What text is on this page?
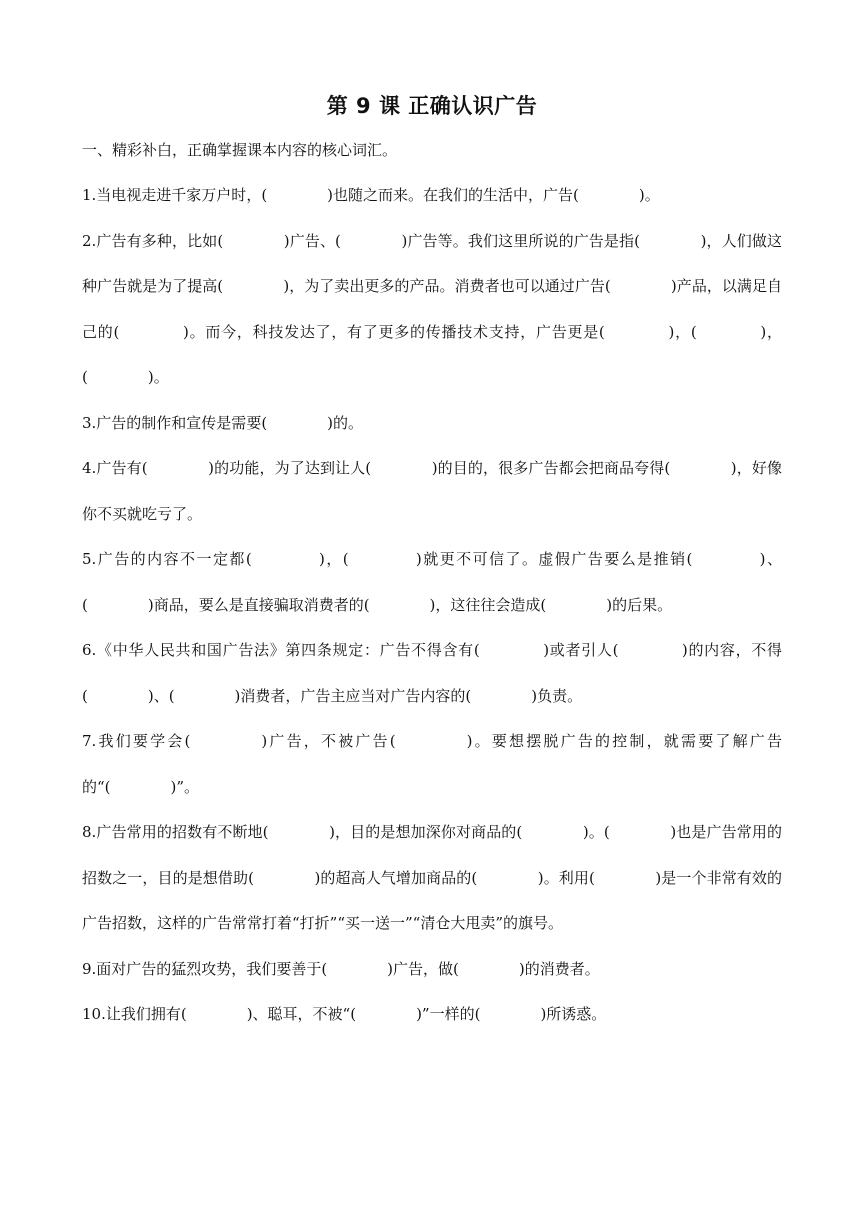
第 9 课 正确认识广告
一、精彩补白，正确掌握课本内容的核心词汇。
1.当电视走进千家万户时，(　　　　)也随之而来。在我们的生活中，广告(　　　　)。
2.广告有多种，比如(　　　　)广告、(　　　　)广告等。我们这里所说的广告是指(　　　　)，人们做这种广告就是为了提高(　　　　)，为了卖出更多的产品。消费者也可以通过广告(　　　　)产品，以满足自己的(　　　　)。而今，科技发达了，有了更多的传播技术支持，广告更是(　　　　)，(　　　　)，(　　　　)。
3.广告的制作和宣传是需要(　　　　)的。
4.广告有(　　　　)的功能，为了达到让人(　　　　)的目的，很多广告都会把商品夸得(　　　　)，好像你不买就吃亏了。
5.广告的内容不一定都(　　　　)，(　　　　)就更不可信了。虚假广告要么是推销(　　　　)、(　　　　)商品，要么是直接骗取消费者的(　　　　)，这往往会造成(　　　　)的后果。
6.《中华人民共和国广告法》第四条规定：广告不得含有(　　　　)或者引人(　　　　)的内容，不得(　　　　)、(　　　　)消费者，广告主应当对广告内容的(　　　　)负责。
7.我们要学会(　　　　)广告，不被广告(　　　　)。要想摆脱广告的控制，就需要了解广告的“(　　　　)”。
8.广告常用的招数有不断地(　　　　)，目的是想加深你对商品的(　　　　)。(　　　　)也是广告常用的招数之一，目的是想借助(　　　　)的超高人气增加商品的(　　　　)。利用(　　　　)是一个非常有效的广告招数，这样的广告常常打着“打折”“买一送一”“清仓大甩卖”的旗号。
9.面对广告的猛烈攻势，我们要善于(　　　　)广告，做(　　　　)的消费者。
10.让我们拥有(　　　　)、聪耳，不被“(　　　　)”一样的(　　　　)所诱惑。
